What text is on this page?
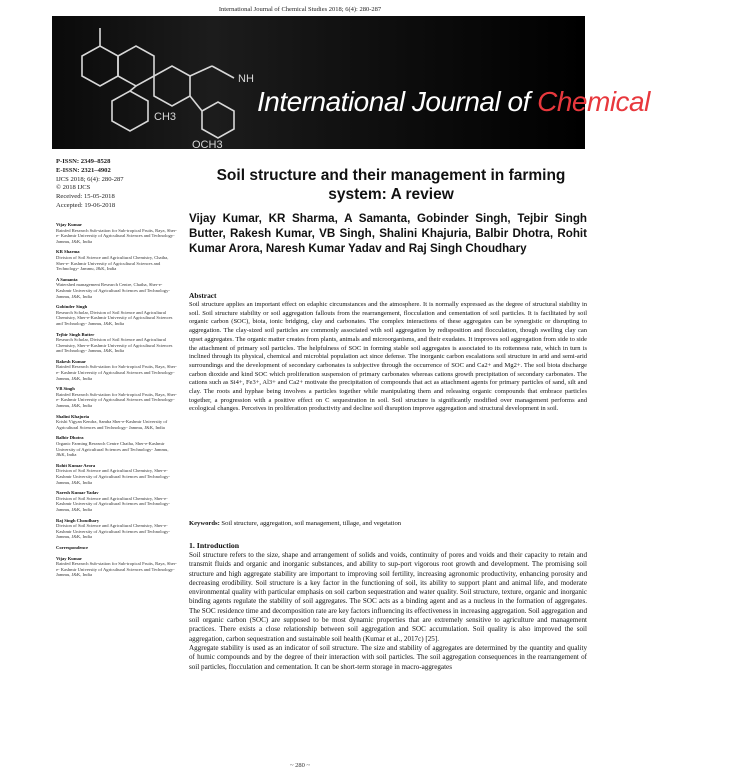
International Journal of Chemical Studies 2018; 6(4): 280-287
NH
CH3
OCH3
International Journal of Chemical Studies
P-ISSN: 2349–8528
E-ISSN: 2321–4902
IJCS 2018; 6(4): 280-287
© 2018 IJCS
Received: 15-05-2018
Accepted: 19-06-2018
Vijay Kumar
Rainfed Research Sub-station for Sub-tropical Fruits, Raya, Sher-e- Kashmir University of Agricultural Sciences and Technology- Jammu, J&K, India
KR Sharma
Division of Soil Science and Agricultural Chemistry, Chatha, Sher-e- Kashmir University of Agricultural Sciences and Technology- Jammu, J&K, India
A Samanta
Watershed management Research Centre, Chatha, Sher-e-Kashmir University of Agricultural Sciences and Technology- Jammu, J&K, India
Gobinder Singh
Research Scholar, Division of Soil Science and Agricultural Chemistry, Sher-e-Kashmir University of Agricultural Sciences and Technology- Jammu, J&K, India
Tejbir Singh Butter
Research Scholar, Division of Soil Science and Agricultural Chemistry, Sher-e-Kashmir University of Agricultural Sciences and Technology- Jammu, J&K, India
Rakesh Kumar
Rainfed Research Sub-station for Sub-tropical Fruits, Raya, Sher-e- Kashmir University of Agricultural Sciences and Technology- Jammu, J&K, India
VB Singh
Rainfed Research Sub-station for Sub-tropical Fruits, Raya, Sher-e- Kashmir University of Agricultural Sciences and Technology- Jammu, J&K, India
Shalini Khajuria
Krishi Vigyan Kendra, Samba Sher-e-Kashmir University of Agricultural Sciences and Technology- Jammu, J&K, India
Balbir Dhotra
Organic Farming Research Centre Chatha, Sher-e-Kashmir University of Agricultural Sciences and Technology- Jammu, J&K, India
Rohit Kumar Arora
Division of Soil Science and Agricultural Chemistry, Sher-e- Kashmir University of Agricultural Sciences and Technology- Jammu, J&K, India
Naresh Kumar Yadav
Division of Soil Science and Agricultural Chemistry, Sher-e- Kashmir University of Agricultural Sciences and Technology- Jammu, J&K, India
Raj Singh Choudhary
Division of Soil Science and Agricultural Chemistry, Sher-e- Kashmir University of Agricultural Sciences and Technology- Jammu, J&K, India
Correspondence
Vijay Kumar
Rainfed Research Sub-station for Sub-tropical Fruits, Raya, Sher-e- Kashmir University of Agricultural Sciences and Technology- Jammu, J&K, India
Soil structure and their management in farming system: A review
Vijay Kumar, KR Sharma, A Samanta, Gobinder Singh, Tejbir Singh Butter, Rakesh Kumar, VB Singh, Shalini Khajuria, Balbir Dhotra, Rohit Kumar Arora, Naresh Kumar Yadav and Raj Singh Choudhary
Abstract
Soil structure applies an important effect on edaphic circumstances and the atmosphere. It is normally expressed as the degree of structural stability in soil. Soil structure stability or soil aggregation fallouts from the rearrangement, flocculation and cementation of soil particles. It is facilitated by soil organic carbon (SOC), biota, ionic bridging, clay and carbonates. The complex interactions of these aggregates can be synergistic or disrupting to aggregation. The clay-sized soil particles are commonly associated with soil aggregation by redisposition and flocculation, though swelling clay can upset aggregates. The organic matter creates from plants, animals and microorganisms, and their exudates. It improves soil aggregation from side to side the attachment of primary soil particles. The helpfulness of SOC in forming stable soil aggregates is associated to its rottenness rate, which in turn is inclined through its physical, chemical and microbial population act since defense. The inorganic carbon escalations soil structure in arid and semi-arid surroundings and the development of secondary carbonates is subjective through the occurrence of SOC and Ca2+ and Mg2+. The soil biota discharge carbon dioxide and kind SOC which proliferation suspension of primary carbonates whereas cations growth precipitation of secondary carbonates. The cations such as Si4+, Fe3+, Al3+ and Ca2+ motivate the precipitation of compounds that act as attachment agents for primary particles of sand, silt and clay. The roots and hyphae being involves a particles together while manipulating them and releasing organic compounds that embrace particles together, a progression with a positive effect on C sequestration in soil. Soil structure is significantly modified over management performs and ecological changes. Perceives in proliferation productivity and decline soil disruption improve aggregation and structural development in soil.
Keywords: Soil structure, aggregation, soil management, tillage, and vegetation
1. Introduction

Soil structure refers to the size, shape and arrangement of solids and voids, continuity of pores and voids and their capacity to retain and transmit fluids and organic and inorganic substances, and ability to sup-port vigorous root growth and development. The promising soil structure and high aggregate stability are important to improving soil fertility, increasing agronomic productivity, enhancing porosity and decreasing erodibility. Soil structure is a key factor in the functioning of soil, its ability to support plant and animal life, and moderate environmental quality with particular emphasis on soil carbon sequestration and water quality. Soil structure, texture, organic and inorganic binding agents regulate the stability of soil aggregates. The SOC acts as a binding agent and as a nucleus in the formation of aggregates. The SOC residence time and decomposition rate are key factors influencing its effectiveness in increasing aggregation. Soil aggregation and soil organic carbon (SOC) are supposed to be most dynamic properties that are extremely sensitive to agriculture and management practices. There exists a close relationship between soil aggregation and SOC accumulation. Soil quality is also improved the soil aggregation, carbon sequestration and sustainable soil health (Kumar et al., 2017c) [25].

Aggregate stability is used as an indicator of soil structure. The size and stability of aggregates are determined by the quantity and quality of humic compounds and by the degree of their interaction with soil particles. The soil aggregation consequences in the rearrangement of soil particles, flocculation and cementation. It can be short-term storage in macro-aggregates

~ 280 ~
